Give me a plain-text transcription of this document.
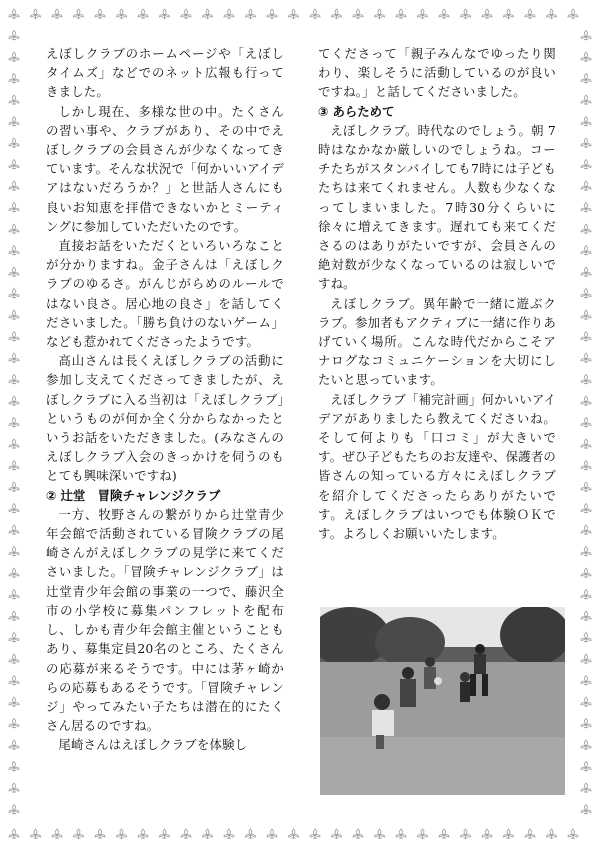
えぼしクラブのホームページや「えぼしタイムズ」などでのネット広報も行ってきました。

しかし現在、多様な世の中。たくさんの習い事や、クラブがあり、その中でえぼしクラブの会員さんが少なくなってきています。そんな状況で「何かいいアイデアはないだろうか？」と世話人さんにも良いお知恵を拝借できないかとミーティングに参加していただいたのです。

直接お話をいただくといろいろなことが分かりますね。金子さんは「えぼしクラブのゆるさ。がんじがらめのルールではない良さ。居心地の良さ」を話してくださいました。「勝ち負けのないゲーム」なども惹かれてくださったようです。

高山さんは長くえぼしクラブの活動に参加し支えてくださってきましたが、えぼしクラブに入る当初は「えぼしクラブ」というものが何か全く分からなかったというお話をいただきました。(みなさんのえぼしクラブ入会のきっかけを伺うのもとても興味深いですね)

② 辻堂　冒険チャレンジクラブ

一方、牧野さんの繋がりから辻堂青少年会館で活動されている冒険クラブの尾崎さんがえぼしクラブの見学に来てくださいました。「冒険チャレンジクラブ」は辻堂青少年会館の事業の一つで、藤沢全市の小学校に募集パンフレットを配布し、しかも青少年会館主催ということもあり、募集定員20名のところ、たくさんの応募が来るそうです。中には茅ヶ崎からの応募もあるそうです。「冒険チャレンジ」やってみたい子たちは潜在的にたくさん居るのですね。

尾崎さんはえぼしクラブを体験し

てくださって「親子みんなでゆったり関わり、楽しそうに活動しているのが良いですね。」と話してくださいました。

③ あらためて

えぼしクラブ。時代なのでしょう。朝 7 時はなかなか厳しいのでしょうね。コーチたちがスタンバイしても7時には子どもたちは来てくれません。人数も少なくなってしまいました。7時30分くらいに徐々に増えてきます。遅れても来てくださるのはありがたいですが、会員さんの絶対数が少なくなっているのは寂しいですね。

えぼしクラブ。異年齢で一緒に遊ぶクラブ。参加者もアクティブに一緒に作りあげていく場所。こんな時代だからこそアナログなコミュニケーションを大切にしたいと思っています。

えぼしクラブ「補完計画」何かいいアイデアがありましたら教えてくださいね。そして何よりも「口コミ」が大きいです。ぜひ子どもたちのお友達や、保護者の皆さんの知っている方々にえぼしクラブを紹介してくださったらありがたいです。えぼしクラブはいつでも体験ＯＫです。よろしくお願いいたします。
